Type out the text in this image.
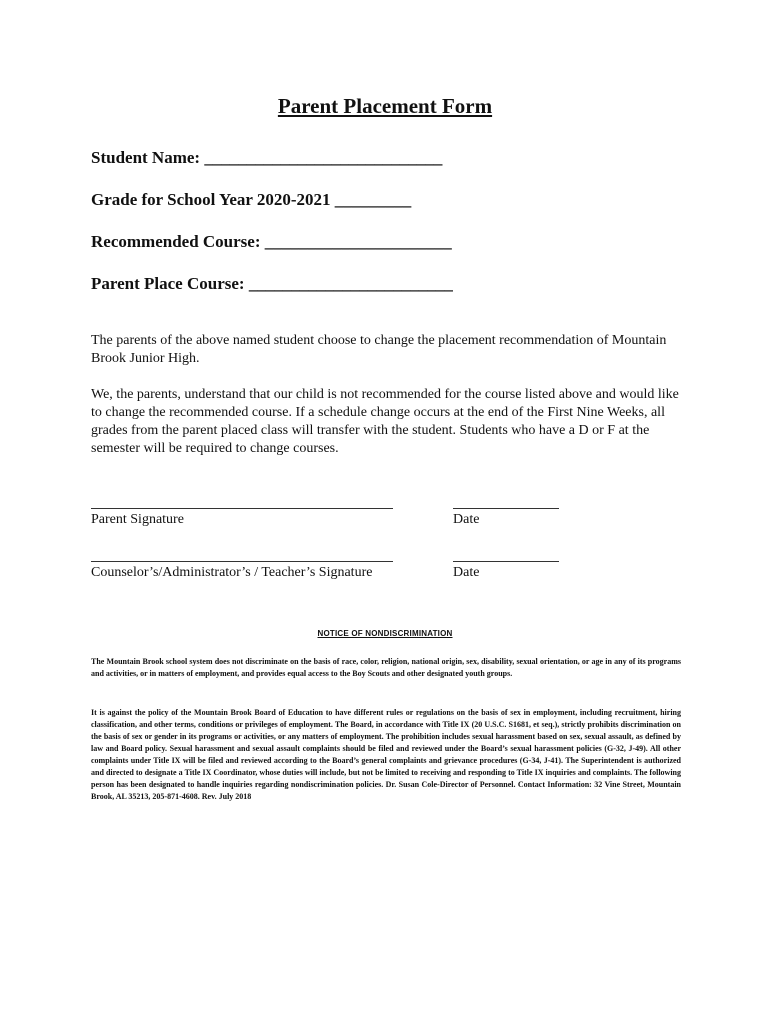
Parent Placement Form
Student Name: ____________________________
Grade for School Year 2020-2021 _________
Recommended Course: ______________________
Parent Place Course: ________________________
The parents of the above named student choose to change the placement recommendation of Mountain Brook Junior High.
We, the parents, understand that our child is not recommended for the course listed above and would like to change the recommended course. If a schedule change occurs at the end of the First Nine Weeks, all grades from the parent placed class will transfer with the student. Students who have a D or F at the semester will be required to change courses.
Parent Signature	Date
Counselor’s/Administrator’s / Teacher’s Signature	Date
NOTICE OF NONDISCRIMINATION
The Mountain Brook school system does not discriminate on the basis of race, color, religion, national origin, sex, disability, sexual orientation, or age in any of its programs and activities, or in matters of employment, and provides equal access to the Boy Scouts and other designated youth groups.
It is against the policy of the Mountain Brook Board of Education to have different rules or regulations on the basis of sex in employment, including recruitment, hiring classification, and other terms, conditions or privileges of employment. The Board, in accordance with Title IX (20 U.S.C. S1681, et seq.), strictly prohibits discrimination on the basis of sex or gender in its programs or activities, or any matters of employment. The prohibition includes sexual harassment based on sex, sexual assault, as defined by law and Board policy. Sexual harassment and sexual assault complaints should be filed and reviewed under the Board’s sexual harassment policies (G-32, J-49). All other complaints under Title IX will be filed and reviewed according to the Board’s general complaints and grievance procedures (G-34, J-41). The Superintendent is authorized and directed to designate a Title IX Coordinator, whose duties will include, but not be limited to receiving and responding to Title IX inquiries and complaints. The following person has been designated to handle inquiries regarding nondiscrimination policies. Dr. Susan Cole-Director of Personnel. Contact Information: 32 Vine Street, Mountain Brook, AL 35213, 205-871-4608. Rev. July 2018
